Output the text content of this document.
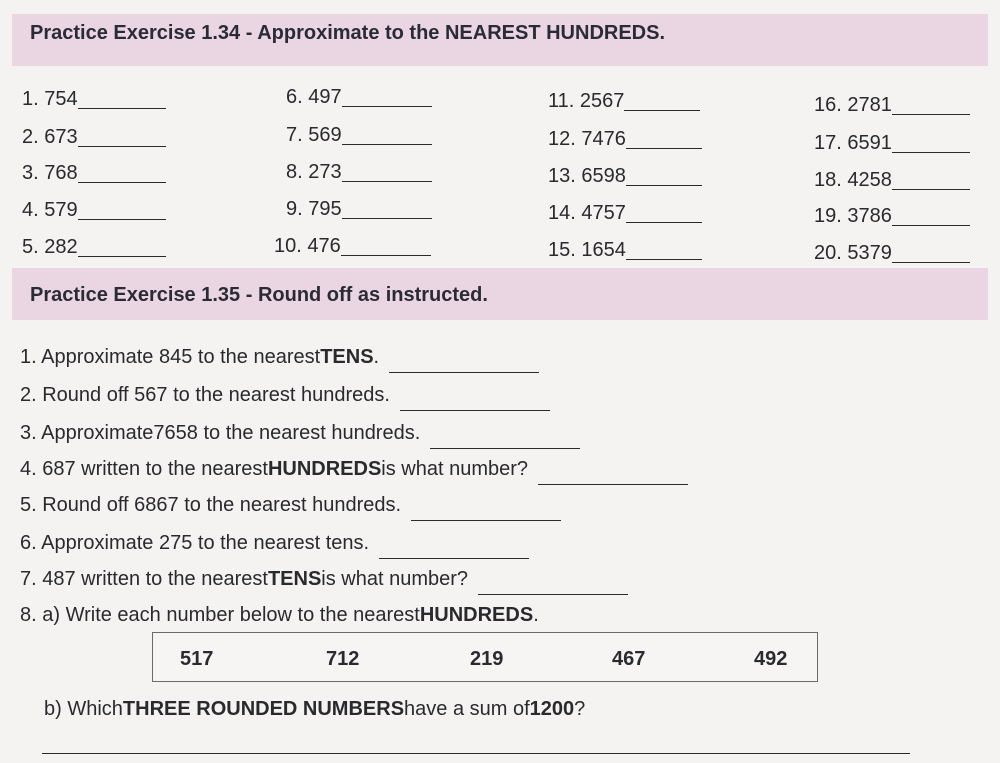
Practice Exercise 1.34 - Approximate to the NEAREST HUNDREDS.
1. 754
2. 673
3. 768
4. 579
5. 282
6. 497
7. 569
8. 273
9. 795
10. 476
11. 2567
12. 7476
13. 6598
14. 4757
15. 1654
16. 2781
17. 6591
18. 4258
19. 3786
20. 5379
Practice Exercise 1.35 - Round off as instructed.
1. Approximate 845 to the nearest TENS .
2. Round off 567 to the nearest hundreds.
3. Approximate7658 to the nearest hundreds.
4. 687 written to the nearest HUNDREDS is what number?
5. Round off 6867 to the nearest hundreds.
6. Approximate 275 to the nearest tens.
7. 487 written to the nearest TENS is what number?
8. a) Write each number below to the nearest HUNDREDS .
517	712	219	467	492
b) Which THREE ROUNDED NUMBERS have a sum of 1200 ?
